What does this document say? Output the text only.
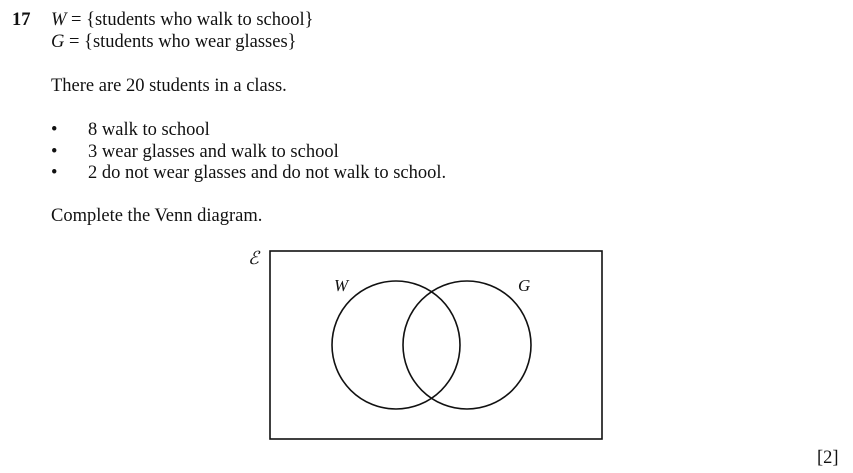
17 W = {students who walk to school}
G = {students who wear glasses}
There are 20 students in a class.
• 8 walk to school
• 3 wear glasses and walk to school
• 2 do not wear glasses and do not walk to school.
Complete the Venn diagram.
ℰ
W	G
[2]
